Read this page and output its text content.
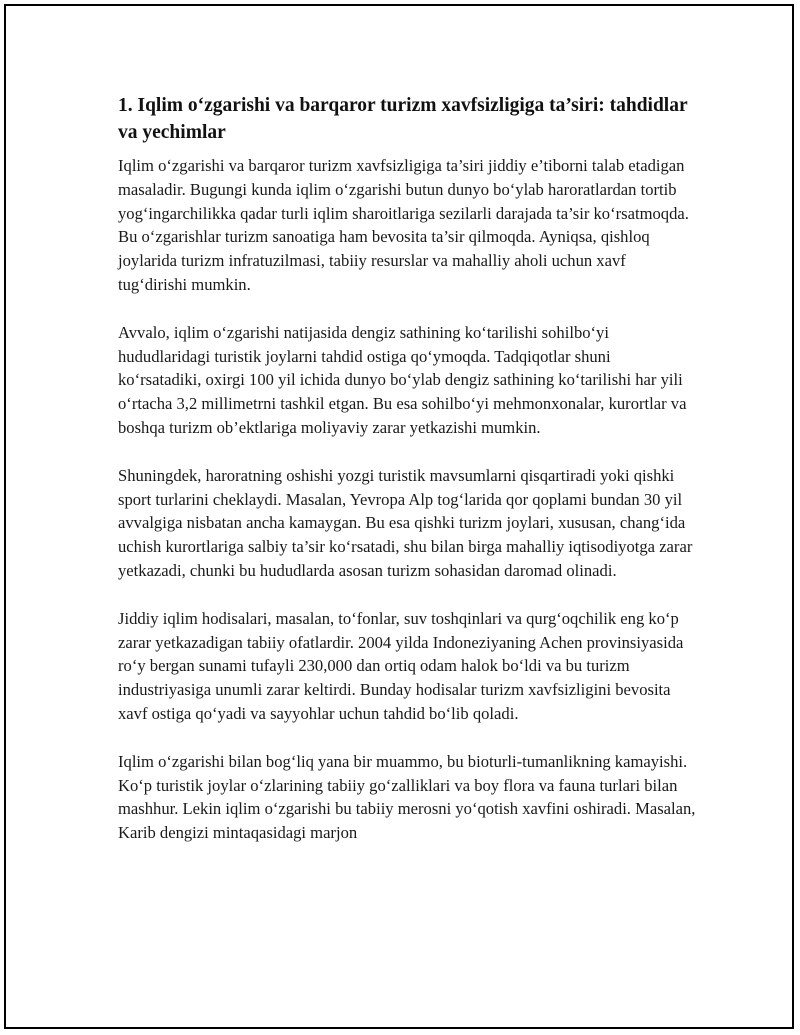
1. Iqlim o‘zgarishi va barqaror turizm xavfsizligiga ta’siri: tahdidlar va yechimlar

Iqlim o‘zgarishi va barqaror turizm xavfsizligiga ta’siri jiddiy e’tiborni talab etadigan masaladir. Bugungi kunda iqlim o‘zgarishi butun dunyo bo‘ylab haroratlardan tortib yog‘ingarchilikka qadar turli iqlim sharoitlariga sezilarli darajada ta’sir ko‘rsatmoqda. Bu o‘zgarishlar turizm sanoatiga ham bevosita ta’sir qilmoqda. Ayniqsa, qishloq joylarida turizm infratuzilmasi, tabiiy resurslar va mahalliy aholi uchun xavf tug‘dirishi mumkin.

Avvalo, iqlim o‘zgarishi natijasida dengiz sathining ko‘tarilishi sohilbo‘yi hududlaridagi turistik joylarni tahdid ostiga qo‘ymoqda. Tadqiqotlar shuni ko‘rsatadiki, oxirgi 100 yil ichida dunyo bo‘ylab dengiz sathining ko‘tarilishi har yili o‘rtacha 3,2 millimetrni tashkil etgan. Bu esa sohilbo‘yi mehmonxonalar, kurortlar va boshqa turizm ob’ektlariga moliyaviy zarar yetkazishi mumkin.

Shuningdek, haroratning oshishi yozgi turistik mavsumlarni qisqartiradi yoki qishki sport turlarini cheklaydi. Masalan, Yevropa Alp tog‘larida qor qoplami bundan 30 yil avvalgiga nisbatan ancha kamaygan. Bu esa qishki turizm joylari, xususan, chang‘ida uchish kurortlariga salbiy ta’sir ko‘rsatadi, shu bilan birga mahalliy iqtisodiyotga zarar yetkazadi, chunki bu hududlarda asosan turizm sohasidan daromad olinadi.

Jiddiy iqlim hodisalari, masalan, to‘fonlar, suv toshqinlari va qurg‘oqchilik eng ko‘p zarar yetkazadigan tabiiy ofatlardir. 2004 yilda Indoneziyaning Achen provinsiyasida ro‘y bergan sunami tufayli 230,000 dan ortiq odam halok bo‘ldi va bu turizm industriyasiga unumli zarar keltirdi. Bunday hodisalar turizm xavfsizligini bevosita xavf ostiga qo‘yadi va sayyohlar uchun tahdid bo‘lib qoladi.

Iqlim o‘zgarishi bilan bog‘liq yana bir muammo, bu bioturli-tumanlikning kamayishi. Ko‘p turistik joylar o‘zlarining tabiiy go‘zalliklari va boy flora va fauna turlari bilan mashhur. Lekin iqlim o‘zgarishi bu tabiiy merosni yo‘qotish xavfini oshiradi. Masalan, Karib dengizi mintaqasidagi marjon
